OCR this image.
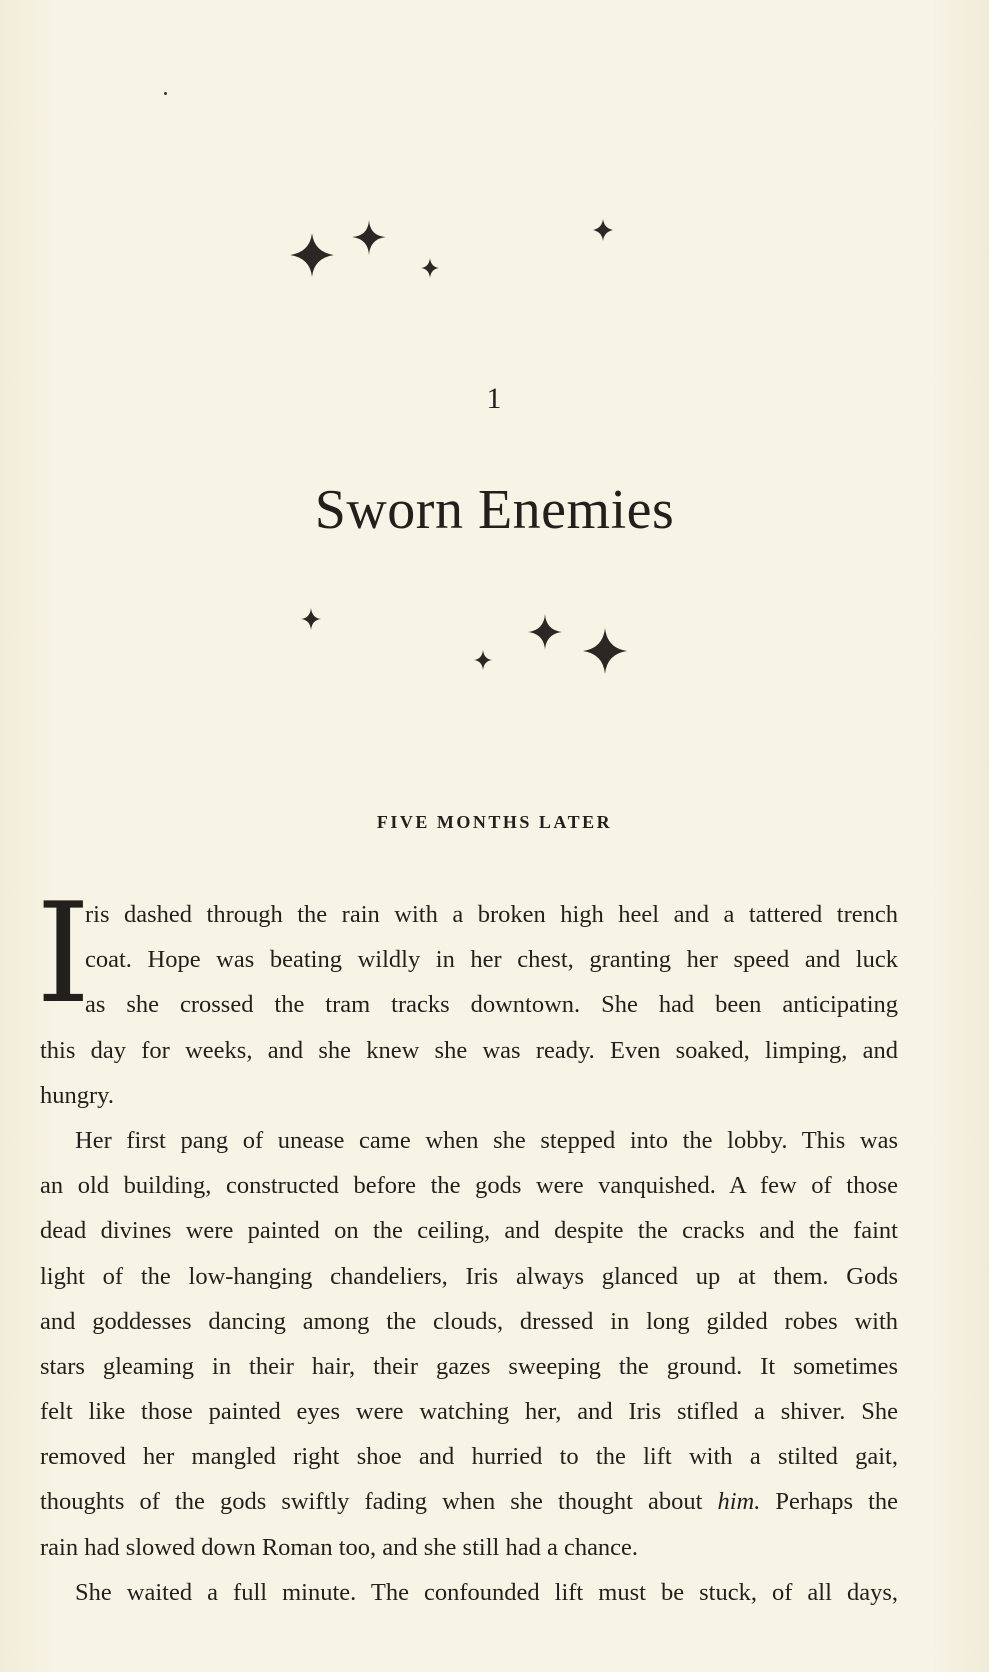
1
Sworn Enemies
FIVE MONTHS LATER
I
ris dashed through the rain with a broken high heel and a tattered trench
coat. Hope was beating wildly in her chest, granting her speed and luck
as she crossed the tram tracks downtown. She had been anticipating
this day for weeks, and she knew she was ready. Even soaked, limping, and
hungry.
Her first pang of unease came when she stepped into the lobby. This was
an old building, constructed before the gods were vanquished. A few of those
dead divines were painted on the ceiling, and despite the cracks and the faint
light of the low-hanging chandeliers, Iris always glanced up at them. Gods
and goddesses dancing among the clouds, dressed in long gilded robes with
stars gleaming in their hair, their gazes sweeping the ground. It sometimes
felt like those painted eyes were watching her, and Iris stifled a shiver. She
removed her mangled right shoe and hurried to the lift with a stilted gait,
thoughts of the gods swiftly fading when she thought about him. Perhaps the
rain had slowed down Roman too, and she still had a chance.
She waited a full minute. The confounded lift must be stuck, of all days,
